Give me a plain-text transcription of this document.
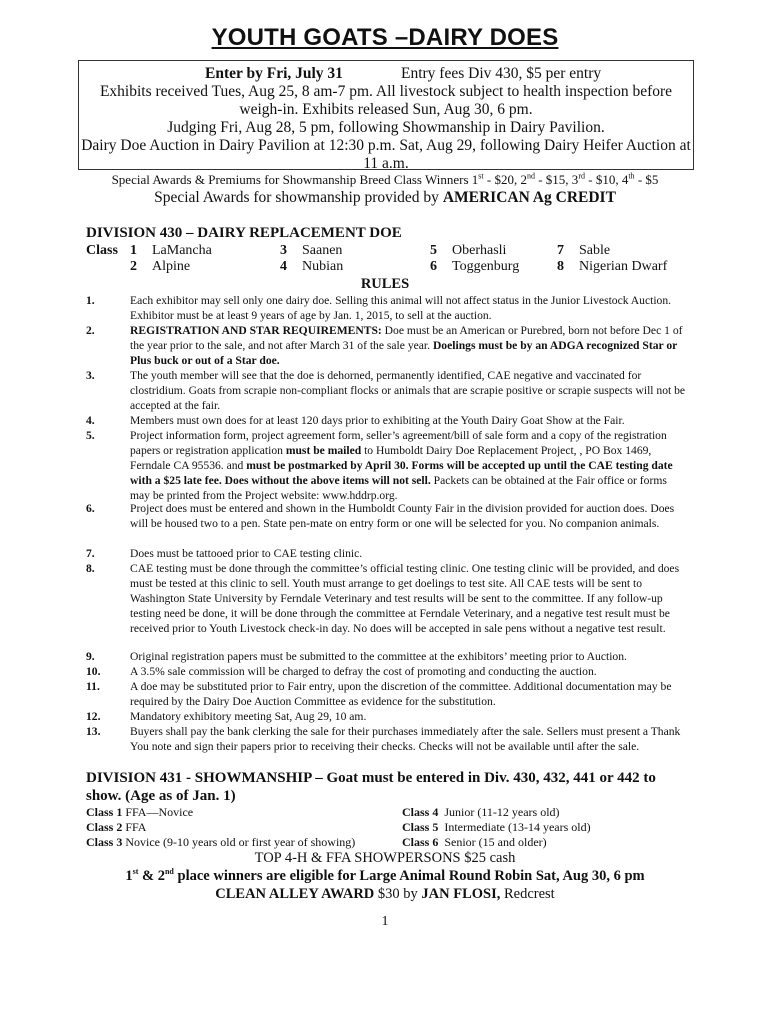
YOUTH GOATS –DAIRY DOES
Enter by Fri, July 31	Entry fees Div 430, $5 per entry
Exhibits received Tues, Aug 25, 8 am-7 pm. All livestock subject to health inspection before
weigh-in. Exhibits released Sun, Aug 30, 6 pm.
Judging Fri, Aug 28, 5 pm, following Showmanship in Dairy Pavilion.
Dairy Doe Auction in Dairy Pavilion at 12:30 p.m. Sat, Aug 29, following Dairy Heifer Auction at
11 a.m.
Special Awards & Premiums for Showmanship Breed Class Winners 1st - $20, 2nd - $15, 3rd - $10, 4th - $5
Special Awards for showmanship provided by AMERICAN Ag CREDIT
DIVISION 430 – DAIRY REPLACEMENT DOE
Class 1 LaMancha
2 Alpine
3 Saanen
4 Nubian
5 Oberhasli
6 Toggenburg
7 Sable
8 Nigerian Dwarf
RULES
1.	Each exhibitor may sell only one dairy doe. Selling this animal will not affect status in the Junior Livestock Auction. Exhibitor must be at least 9 years of age by Jan. 1, 2015, to sell at the auction.
2.	REGISTRATION AND STAR REQUIREMENTS: Doe must be an American or Purebred, born not before Dec 1 of the year prior to the sale, and not after March 31 of the sale year. Doelings must be by an ADGA recognized Star or Plus buck or out of a Star doe.
3.	The youth member will see that the doe is dehorned, permanently identified, CAE negative and vaccinated for clostridium. Goats from scrapie non-compliant flocks or animals that are scrapie positive or scrapie suspects will not be accepted at the fair.
4.	Members must own does for at least 120 days prior to exhibiting at the Youth Dairy Goat Show at the Fair.
5.	Project information form, project agreement form, seller’s agreement/bill of sale form and a copy of the registration papers or registration application must be mailed to Humboldt Dairy Doe Replacement Project, , PO Box 1469, Ferndale CA 95536. and must be postmarked by April 30. Forms will be accepted up until the CAE testing date with a $25 late fee. Does without the above items will not sell. Packets can be obtained at the Fair office or forms may be printed from the Project website: www.hddrp.org.
6.	Project does must be entered and shown in the Humboldt County Fair in the division provided for auction does. Does will be housed two to a pen. State pen-mate on entry form or one will be selected for you. No companion animals.
7.	Does must be tattooed prior to CAE testing clinic.
8.	CAE testing must be done through the committee’s official testing clinic. One testing clinic will be provided, and does must be tested at this clinic to sell. Youth must arrange to get doelings to test site. All CAE tests will be sent to Washington State University by Ferndale Veterinary and test results will be sent to the committee. If any follow-up testing need be done, it will be done through the committee at Ferndale Veterinary, and a negative test result must be received prior to Youth Livestock check-in day. No does will be accepted in sale pens without a negative test result.
9.	Original registration papers must be submitted to the committee at the exhibitors’ meeting prior to Auction.
10.	A 3.5% sale commission will be charged to defray the cost of promoting and conducting the auction.
11.	A doe may be substituted prior to Fair entry, upon the discretion of the committee. Additional documentation may be required by the Dairy Doe Auction Committee as evidence for the substitution.
12.	Mandatory exhibitory meeting Sat, Aug 29, 10 am.
13.	Buyers shall pay the bank clerking the sale for their purchases immediately after the sale. Sellers must present a Thank You note and sign their papers prior to receiving their checks. Checks will not be available until after the sale.
DIVISION 431 - SHOWMANSHIP – Goat must be entered in Div. 430, 432, 441 or 442 to
show. (Age as of Jan. 1)
Class 1 FFA—Novice
Class 2 FFA
Class 3 Novice (9-10 years old or first year of showing)
Class 4 Junior (11-12 years old)
Class 5 Intermediate (13-14 years old)
Class 6 Senior (15 and older)
TOP 4-H & FFA SHOWPERSONS $25 cash
1st & 2nd place winners are eligible for Large Animal Round Robin Sat, Aug 30, 6 pm
CLEAN ALLEY AWARD $30 by JAN FLOSI, Redcrest
1
